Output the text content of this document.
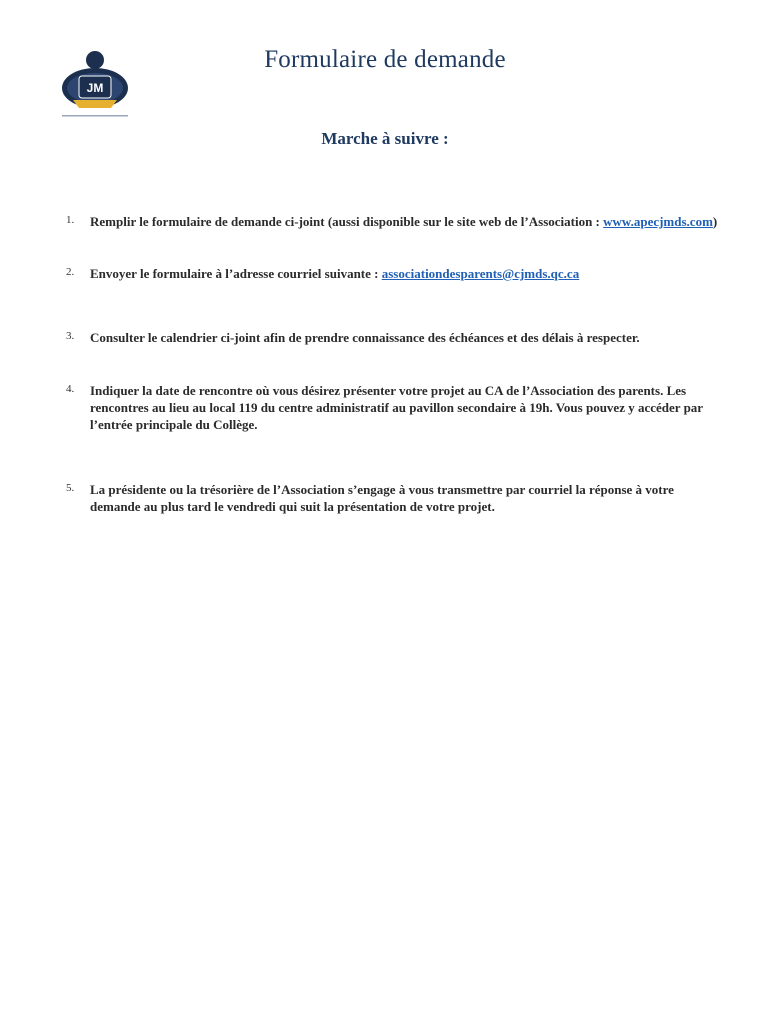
JM
Formulaire de demande
Marche à suivre :
1. Remplir le formulaire de demande ci-joint (aussi disponible sur le site web de l’Association : www.apecjmds.com)
2. Envoyer le formulaire à l’adresse courriel suivante : associationdesparents@cjmds.qc.ca
3. Consulter le calendrier ci-joint afin de prendre connaissance des échéances et des délais à respecter.
4. Indiquer la date de rencontre où vous désirez présenter votre projet au CA de l’Association des parents. Les rencontres au lieu au local 119 du centre administratif au pavillon secondaire à 19h. Vous pouvez y accéder par l’entrée principale du Collège.
5. La présidente ou la trésorière de l’Association s’engage à vous transmettre par courriel la réponse à votre demande au plus tard le vendredi qui suit la présentation de votre projet.
